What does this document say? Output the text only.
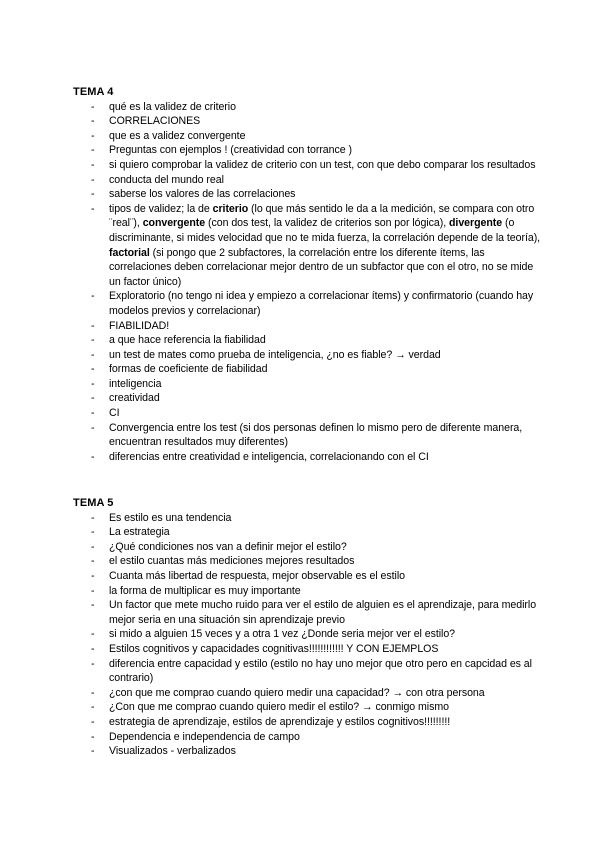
TEMA 4
- qué es la validez de criterio
- CORRELACIONES
- que es a validez convergente
- Preguntas con ejemplos ! (creatividad con torrance )
- si quiero comprobar la validez de criterio con un test, con que debo comparar los resultados
- conducta del mundo real
- saberse los valores de las correlaciones
- tipos de validez; la de criterio (lo que más sentido le da a la medición, se compara con otro ¨real¨), convergente (con dos test, la validez de criterios son por lógica), divergente (o discriminante, si mides velocidad que no te mida fuerza, la correlación depende de la teoría), factorial (si pongo que 2 subfactores, la correlación entre los diferente ítems, las correlaciones deben correlacionar mejor dentro de un subfactor que con el otro, no se mide un factor único)
- Exploratorio (no tengo ni idea y empiezo a correlacionar ítems) y confirmatorio (cuando hay modelos previos y correlacionar)
- FIABILIDAD!
- a que hace referencia la fiabilidad
- un test de mates como prueba de inteligencia, ¿no es fiable? → verdad
- formas de coeficiente de fiabilidad
- inteligencia
- creatividad
- CI
- Convergencia entre los test (si dos personas definen lo mismo pero de diferente manera, encuentran resultados muy diferentes)
- diferencias entre creatividad e inteligencia, correlacionando con el CI
TEMA 5
- Es estilo es una tendencia
- La estrategia
- ¿Qué condiciones nos van a definir mejor el estilo?
- el estilo cuantas más mediciones mejores resultados
- Cuanta más libertad de respuesta, mejor observable es el estilo
- la forma de multiplicar es muy importante
- Un factor que mete mucho ruido para ver el estilo de alguien es el aprendizaje, para medirlo mejor seria en una situación sin aprendizaje previo
- si mido a alguien 15 veces y a otra 1 vez ¿Donde seria mejor ver el estilo?
- Estilos cognitivos y capacidades cognitivas!!!!!!!!!!!! Y CON EJEMPLOS
- diferencia entre capacidad y estilo (estilo no hay uno mejor que otro pero en capcidad es al contrario)
- ¿con que me comprao cuando quiero medir una capacidad? → con otra persona
- ¿Con que me comprao cuando quiero medir el estilo? → conmigo mismo
- estrategia de aprendizaje, estilos de aprendizaje y estilos cognitivos!!!!!!!!!
- Dependencia e independencia de campo
- Visualizados - verbalizados
